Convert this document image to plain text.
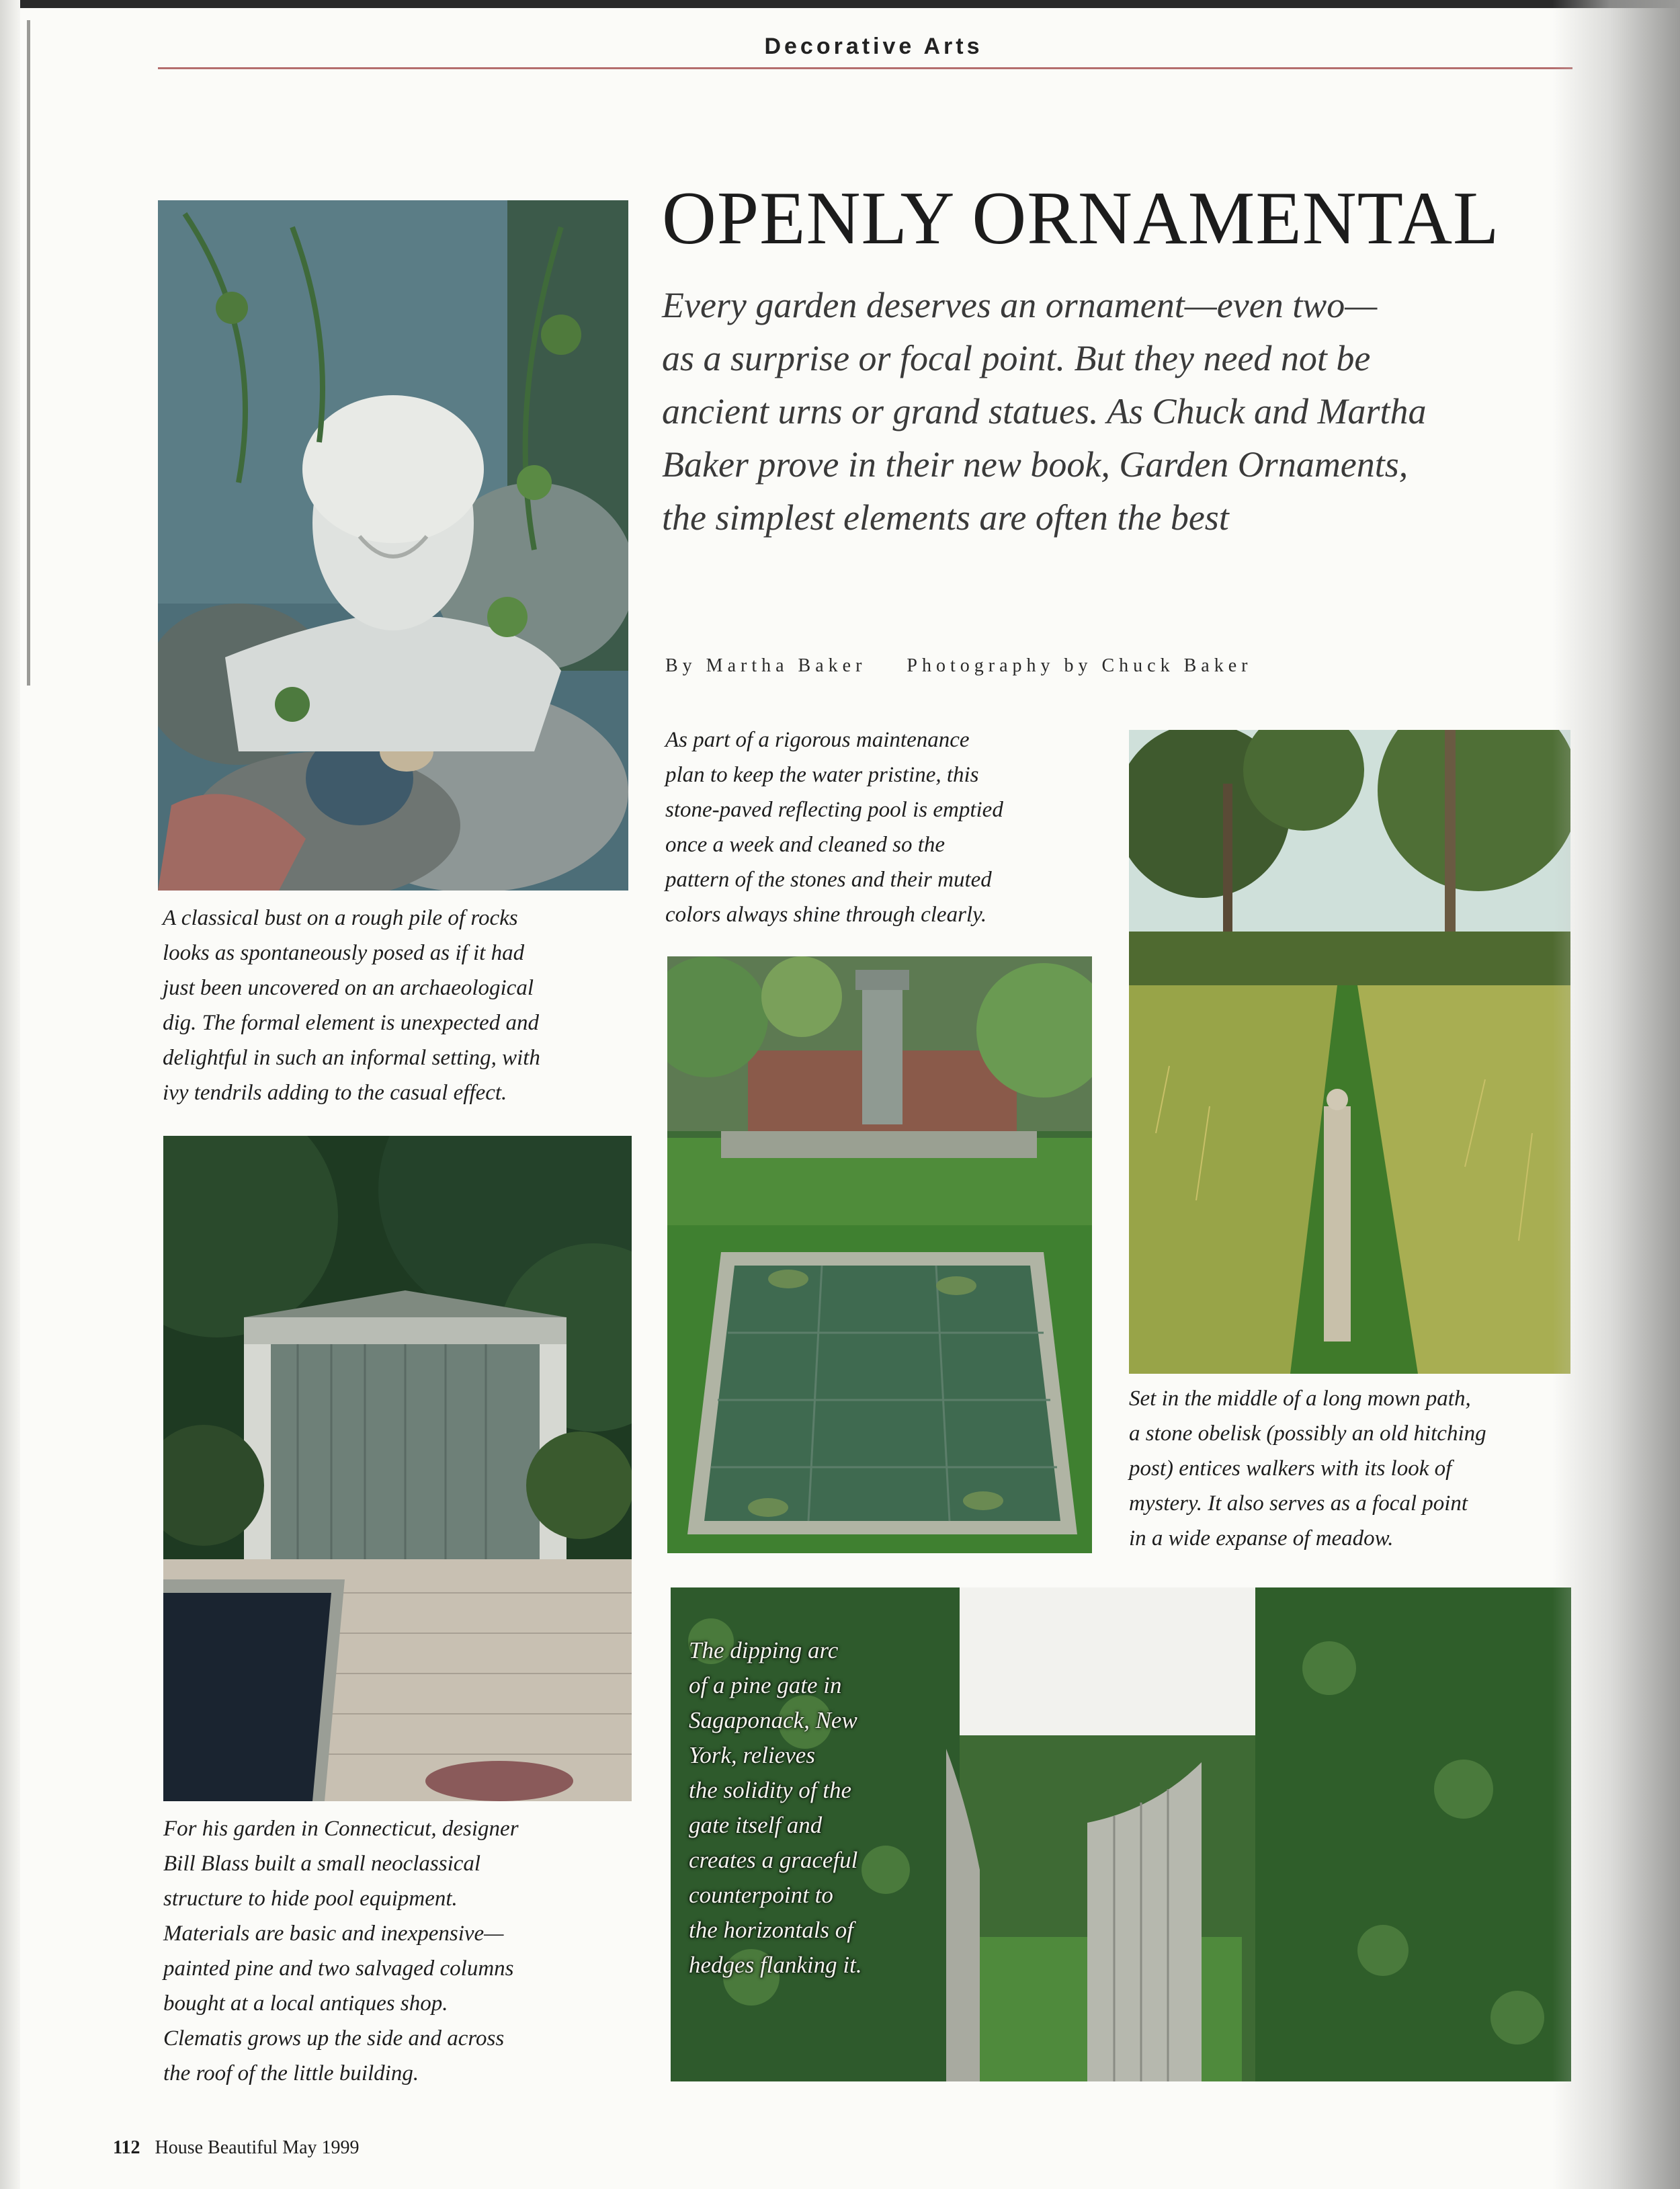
Decorative Arts
OPENLY ORNAMENTAL
Every garden deserves an ornament—even two—
as a surprise or focal point. But they need not be
ancient urns or grand statues. As Chuck and Martha
Baker prove in their new book, Garden Ornaments,
the simplest elements are often the best
By Martha Baker Photography by Chuck Baker
A classical bust on a rough pile of rocks
looks as spontaneously posed as if it had
just been uncovered on an archaeological
dig. The formal element is unexpected and
delightful in such an informal setting, with
ivy tendrils adding to the casual effect.
As part of a rigorous maintenance
plan to keep the water pristine, this
stone-paved reflecting pool is emptied
once a week and cleaned so the
pattern of the stones and their muted
colors always shine through clearly.
Set in the middle of a long mown path,
a stone obelisk (possibly an old hitching
post) entices walkers with its look of
mystery. It also serves as a focal point
in a wide expanse of meadow.
For his garden in Connecticut, designer
Bill Blass built a small neoclassical
structure to hide pool equipment.
Materials are basic and inexpensive—
painted pine and two salvaged columns
bought at a local antiques shop.
Clematis grows up the side and across
the roof of the little building.
The dipping arc
of a pine gate in
Sagaponack, New
York, relieves
the solidity of the
gate itself and
creates a graceful
counterpoint to
the horizontals of
hedges flanking it.
112 House Beautiful May 1999
